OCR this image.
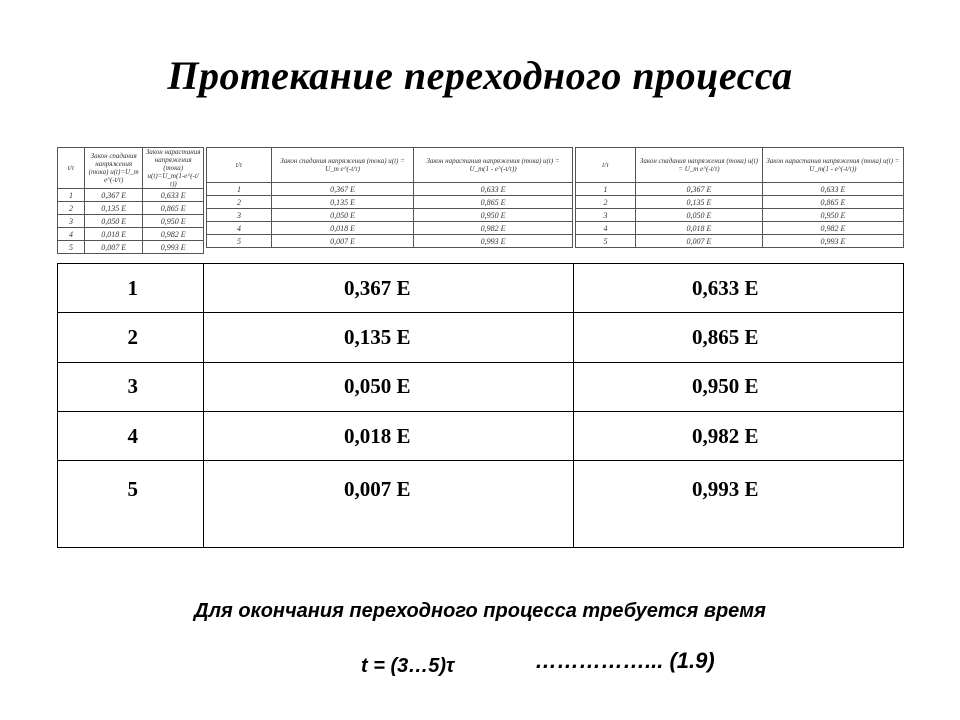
Протекание переходного процесса
t/τ	Закон спадания напряжения (тока) u(t)=U_m e^(-t/τ)	Закон нарастания напряжения (тока) u(t)=U_m(1-e^(-t/τ))
1	0,367 E	0,633 E
2	0,135 E	0,865 E
3	0,050 E	0,950 E
4	0,018 E	0,982 E
5	0,007 E	0,993 E
t/τ	Закон спадания напряжения (тока) u(t) = U_m e^(-t/τ)	Закон нарастания напряжения (тока) u(t) = U_m(1 - e^(-t/τ))
1	0,367 E	0,633 E
2	0,135 E	0,865 E
3	0,050 E	0,950 E
4	0,018 E	0,982 E
5	0,007 E	0,993 E
t/τ	Закон спадания напряжения (тока) u(t) = U_m e^(-t/τ)	Закон нарастания напряжения (тока) u(t) = U_m(1 - e^(-t/τ))
1	0,367 E	0,633 E
2	0,135 E	0,865 E
3	0,050 E	0,950 E
4	0,018 E	0,982 E
5	0,007 E	0,993 E
1	0,367 E	0,633 E
2	0,135 E	0,865 E
3	0,050 E	0,950 E
4	0,018 E	0,982 E
5	0,007 E	0,993 E
Для окончания переходного процесса требуется время
t = (3…5)τ	……………... (1.9)
